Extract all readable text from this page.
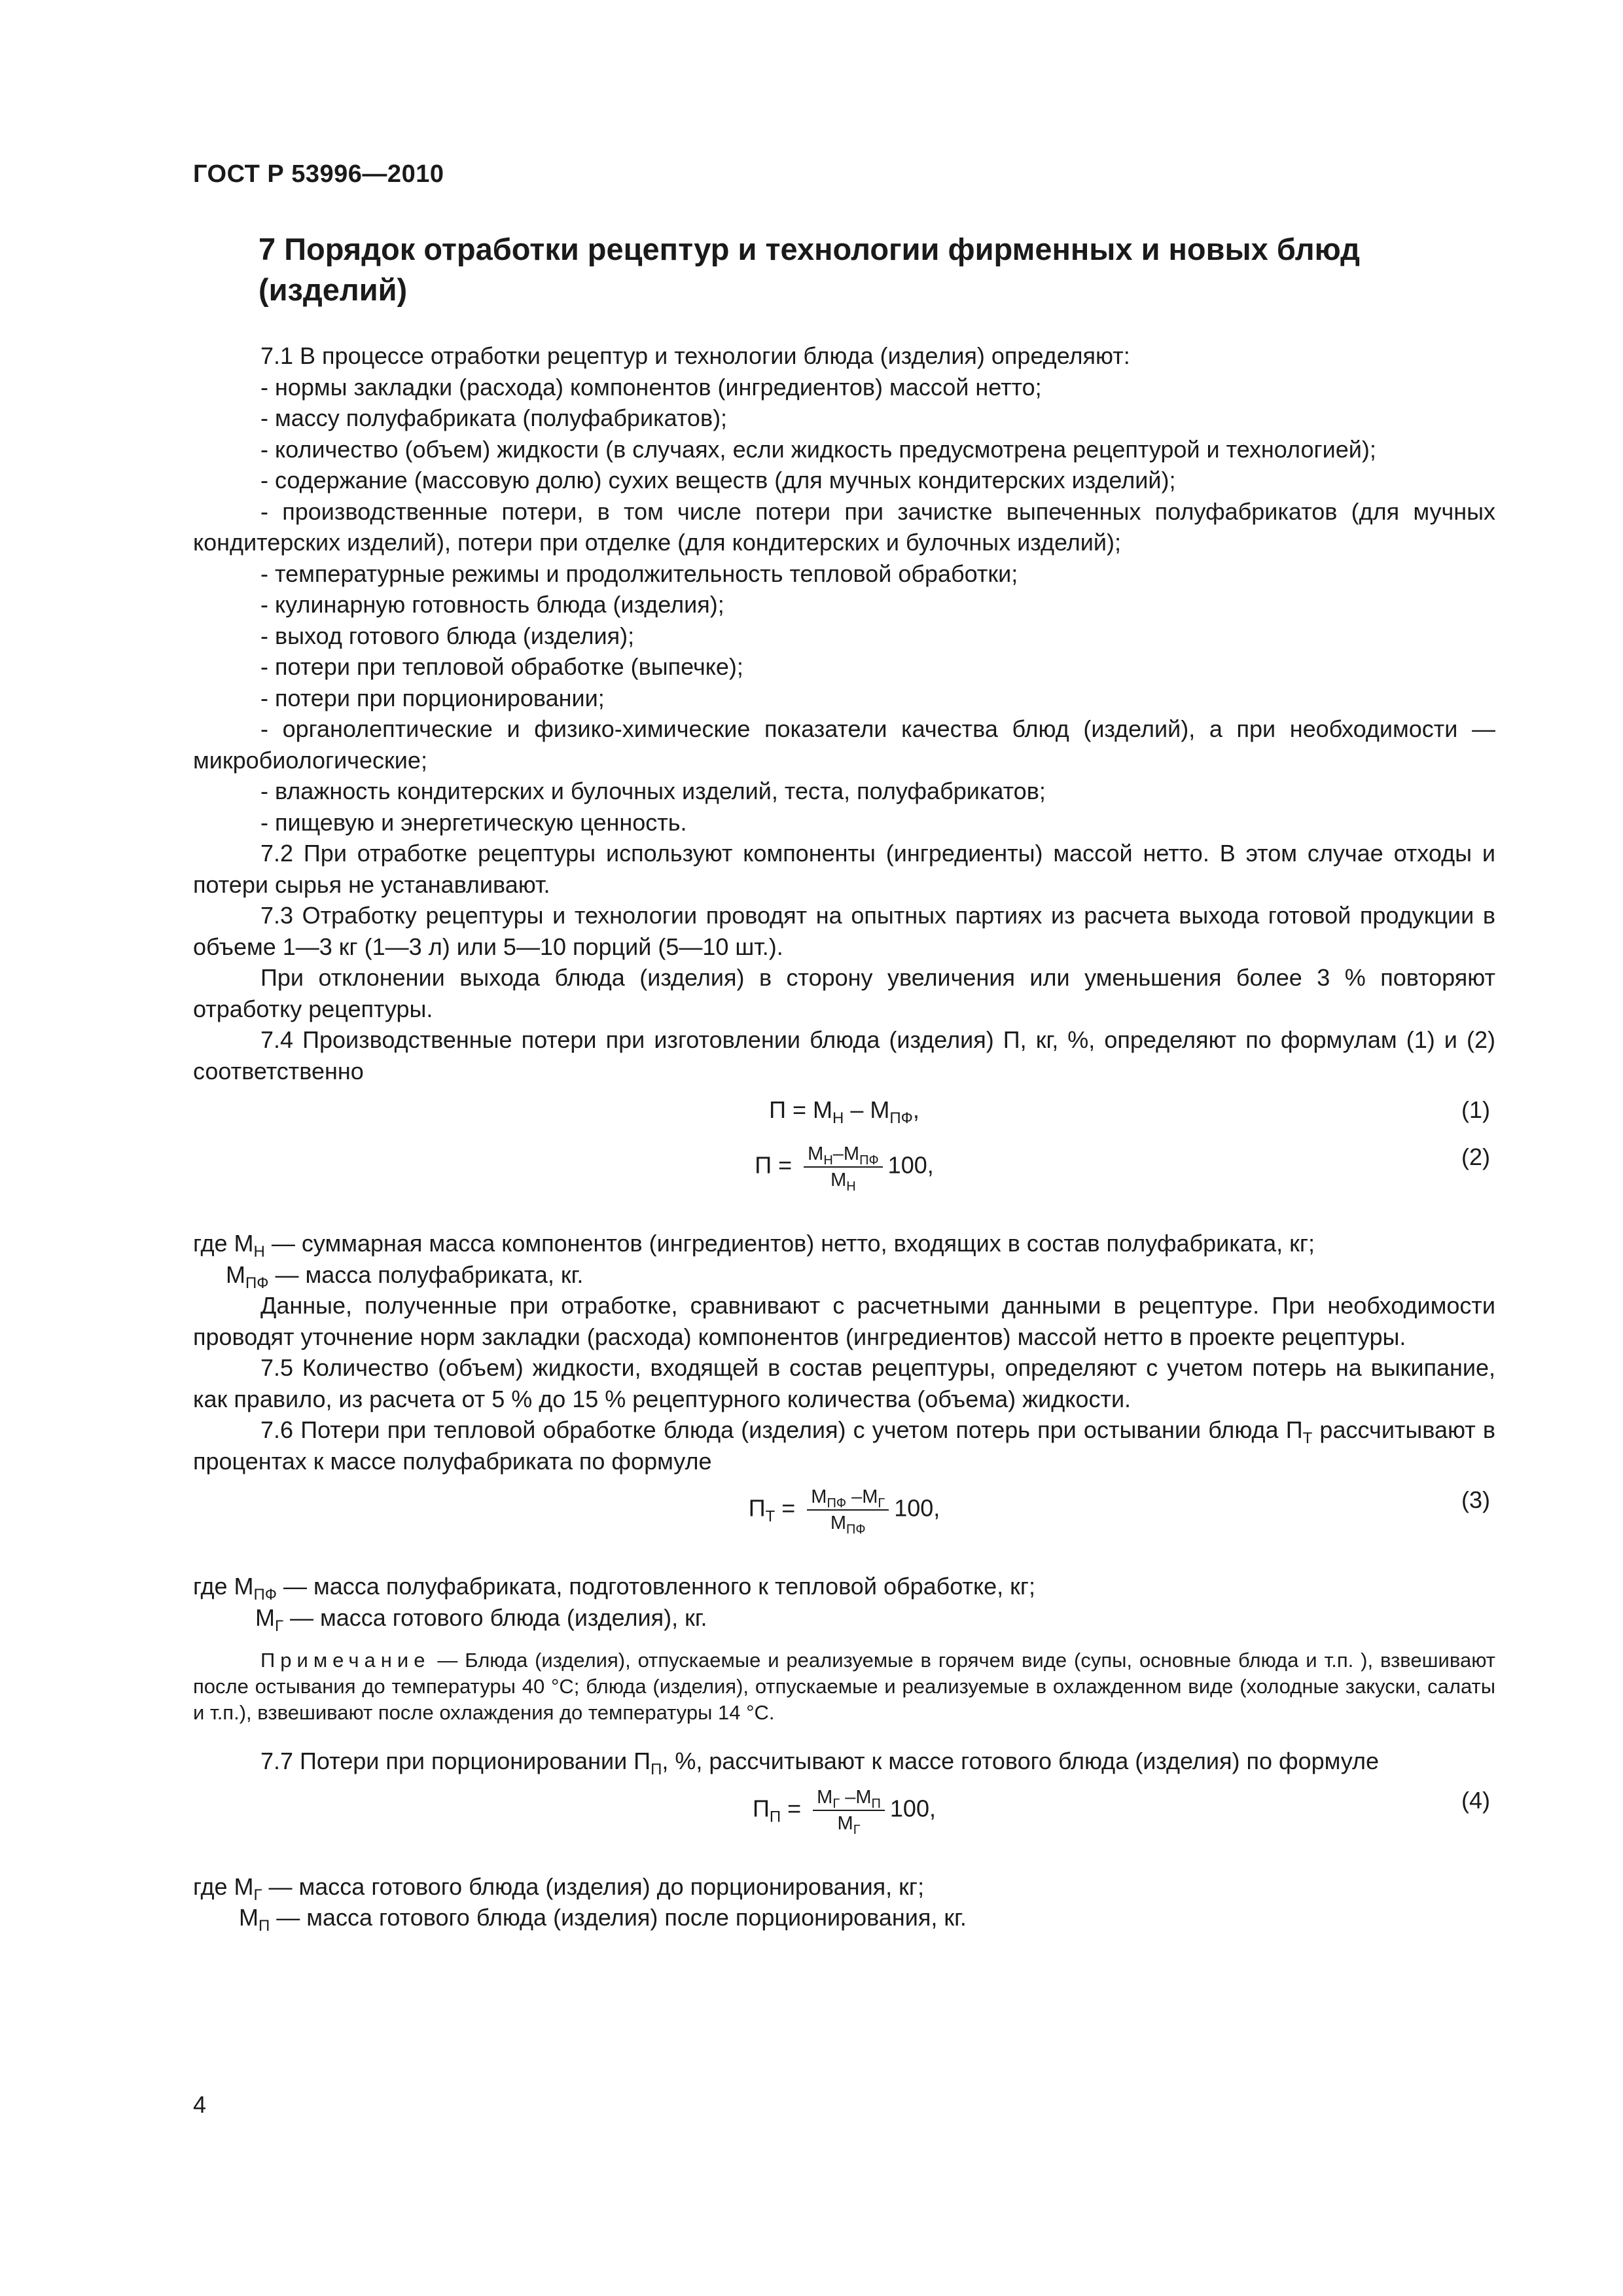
ГОСТ Р 53996—2010
7 Порядок отработки рецептур и технологии фирменных и новых блюд (изделий)

7.1 В процессе отработки рецептур и технологии блюда (изделия) определяют:

- нормы закладки (расхода) компонентов (ингредиентов) массой нетто;

- массу полуфабриката (полуфабрикатов);

- количество (объем) жидкости (в случаях, если жидкость предусмотрена рецептурой и технологией);

- содержание (массовую долю) сухих веществ (для мучных кондитерских изделий);

- производственные потери, в том числе потери при зачистке выпеченных полуфабрикатов (для мучных кондитерских изделий), потери при отделке (для кондитерских и булочных изделий);

- температурные режимы и продолжительность тепловой обработки;

- кулинарную готовность блюда (изделия);

- выход готового блюда (изделия);

- потери при тепловой обработке (выпечке);

- потери при порционировании;

- органолептические и физико-химические показатели качества блюд (изделий), а при необходимости — микробиологические;

- влажность кондитерских и булочных изделий, теста, полуфабрикатов;

- пищевую и энергетическую ценность.

7.2 При отработке рецептуры используют компоненты (ингредиенты) массой нетто. В этом случае отходы и потери сырья не устанавливают.

7.3 Отработку рецептуры и технологии проводят на опытных партиях из расчета выхода готовой продукции в объеме 1—3 кг (1—3 л) или 5—10 порций (5—10 шт.).

При отклонении выхода блюда (изделия) в сторону увеличения или уменьшения более 3 % повторяют отработку рецептуры.

7.4 Производственные потери при изготовлении блюда (изделия) П, кг, %, определяют по формулам (1) и (2) соответственно

$П = М_Н - М_{ПФ}$,	(1)
$П = \frac{М_Н-М_{ПФ}}{М_Н} 100$,	(2)

где $М_Н$ — суммарная масса компонентов (ингредиентов) нетто, входящих в состав полуфабриката, кг;

$М_{ПФ}$ — масса полуфабриката, кг.

Данные, полученные при отработке, сравнивают с расчетными данными в рецептуре. При необходимости проводят уточнение норм закладки (расхода) компонентов (ингредиентов) массой нетто в проекте рецептуры.

7.5 Количество (объем) жидкости, входящей в состав рецептуры, определяют с учетом потерь на выкипание, как правило, из расчета от 5 % до 15 % рецептурного количества (объема) жидкости.

7.6 Потери при тепловой обработке блюда (изделия) с учетом потерь при остывании блюда $П_Т$ рассчитывают в процентах к массе полуфабриката по формуле

$П_Т = \frac{М_{ПФ} -М_Г}{М_{ПФ}} 100$,	(3)

где $М_{ПФ}$ — масса полуфабриката, подготовленного к тепловой обработке, кг;

$М_Г$ — масса готового блюда (изделия), кг.

Примечание — Блюда (изделия), отпускаемые и реализуемые в горячем виде (супы, основные блюда и т.п. ), взвешивают после остывания до температуры 40 °С; блюда (изделия), отпускаемые и реализуемые в охлажденном виде (холодные закуски, салаты и т.п.), взвешивают после охлаждения до температуры 14 °С.

7.7 Потери при порционировании $П_П$, %, рассчитывают к массе готового блюда (изделия) по формуле

$П_П = \frac{М_Г -М_П}{М_Г} 100$,	(4)

где $М_Г$ — масса готового блюда (изделия) до порционирования, кг;

$М_П$ — масса готового блюда (изделия) после порционирования, кг.

4
